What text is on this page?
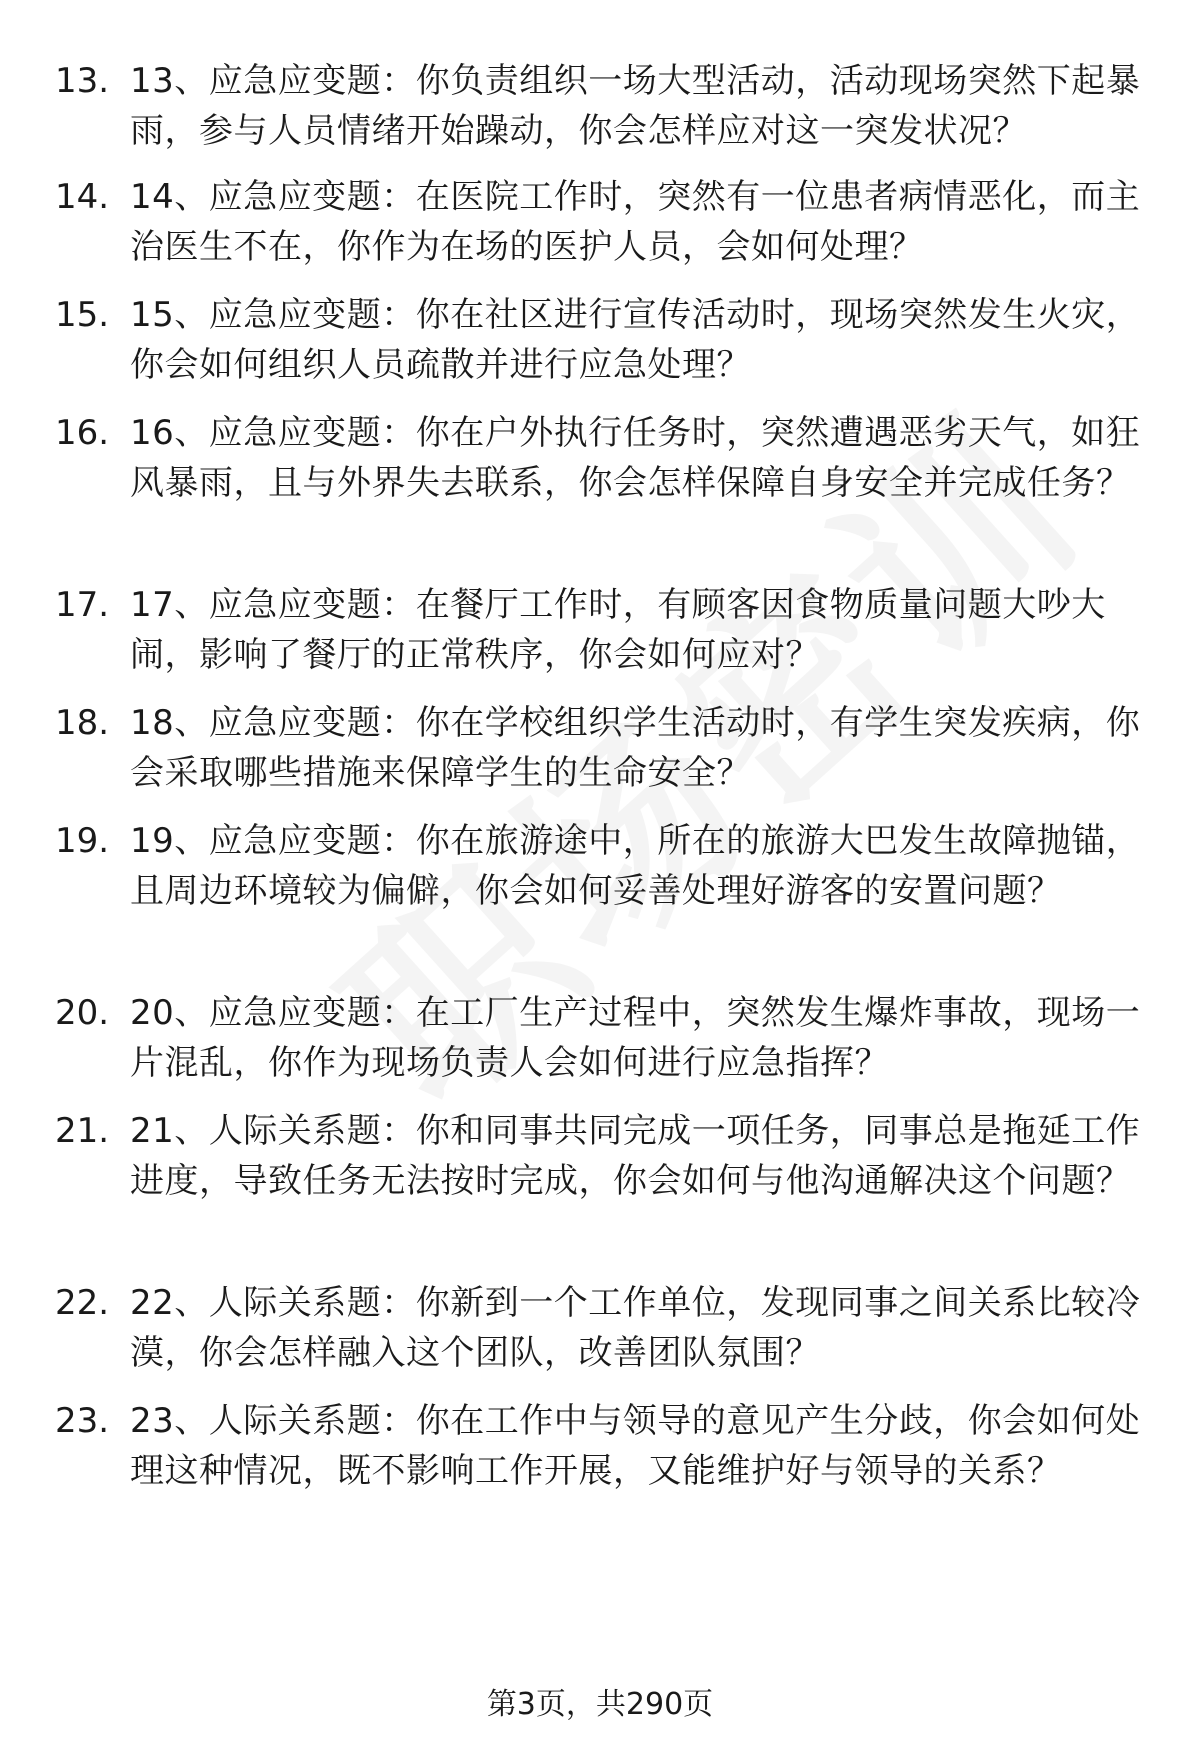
13. 13、应急应变题：你负责组织一场大型活动，活动现场突然下起暴雨，参与人员情绪开始躁动，你会怎样应对这一突发状况？
14. 14、应急应变题：在医院工作时，突然有一位患者病情恶化，而主治医生不在，你作为在场的医护人员，会如何处理？
15. 15、应急应变题：你在社区进行宣传活动时，现场突然发生火灾，你会如何组织人员疏散并进行应急处理？
16. 16、应急应变题：你在户外执行任务时，突然遭遇恶劣天气，如狂风暴雨，且与外界失去联系，你会怎样保障自身安全并完成任务？
17. 17、应急应变题：在餐厅工作时，有顾客因食物质量问题大吵大闹，影响了餐厅的正常秩序，你会如何应对？
18. 18、应急应变题：你在学校组织学生活动时，有学生突发疾病，你会采取哪些措施来保障学生的生命安全？
19. 19、应急应变题：你在旅游途中，所在的旅游大巴发生故障抛锚，且周边环境较为偏僻，你会如何妥善处理好游客的安置问题？
20. 20、应急应变题：在工厂生产过程中，突然发生爆炸事故，现场一片混乱，你作为现场负责人会如何进行应急指挥？
21. 21、人际关系题：你和同事共同完成一项任务，同事总是拖延工作进度，导致任务无法按时完成，你会如何与他沟通解决这个问题？
22. 22、人际关系题：你新到一个工作单位，发现同事之间关系比较冷漠，你会怎样融入这个团队，改善团队氛围？
23. 23、人际关系题：你在工作中与领导的意见产生分歧，你会如何处理这种情况，既不影响工作开展，又能维护好与领导的关系？
第3页，共290页
